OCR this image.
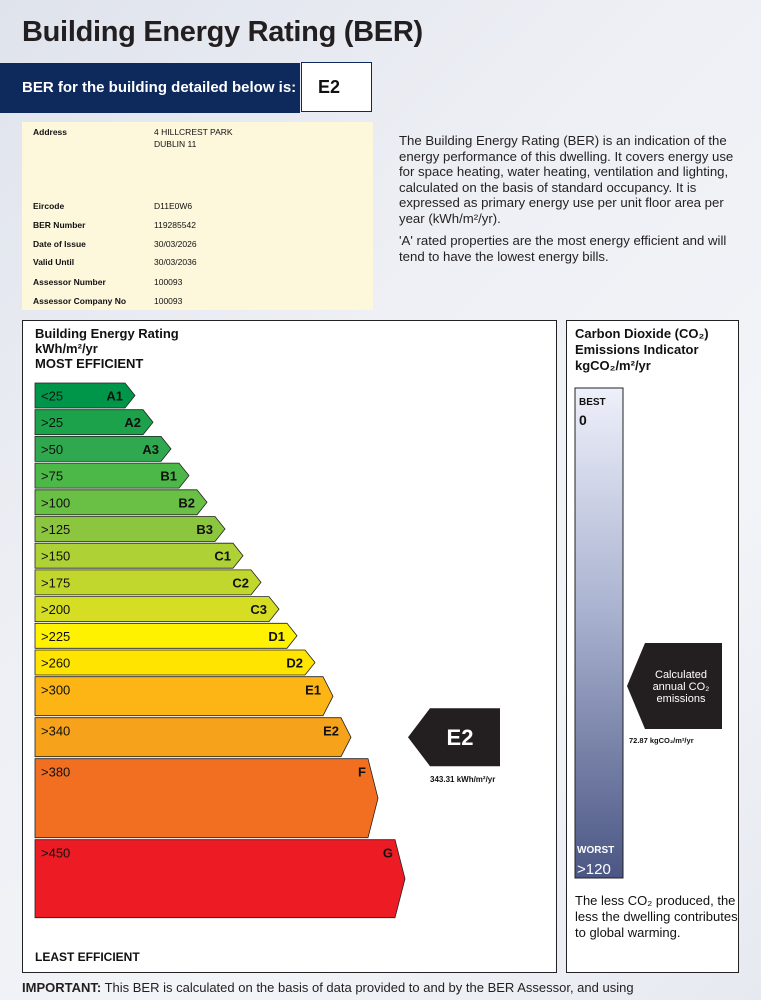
Building Energy Rating (BER)
BER for the building detailed below is:	E2
Address	4 HILLCREST PARK
DUBLIN 11
Eircode	D11E0W6
BER Number	119285542
Date of Issue	30/03/2026
Valid Until	30/03/2036
Assessor Number	100093
Assessor Company No	100093

The Building Energy Rating (BER) is an indication of the energy performance of this dwelling. It covers energy use for space heating, water heating, ventilation and lighting, calculated on the basis of standard occupancy. It is expressed as primary energy use per unit floor area per year (kWh/m²/yr).

'A' rated properties are the most energy efficient and will tend to have the lowest energy bills.

Building Energy Rating
kWh/m²/yr
MOST EFFICIENT
<25	A1
>25	A2
>50	A3
>75	B1
>100	B2
>125	B3
>150	C1
>175	C2
>200	C3
>225	D1
>260	D2
>300	E1
>340	E2
>380	F
>450	G
E2
343.31 kWh/m²/yr
LEAST EFFICIENT
Carbon Dioxide (CO₂)
Emissions Indicator
kgCO₂/m²/yr
BEST
0
WORST
>120
Calculated
annual CO₂
emissions
72.87 kgCO₂/m²/yr
The less CO₂ produced, the less the dwelling contributes to global warming.
IMPORTANT: This BER is calculated on the basis of data provided to and by the BER Assessor, and using
